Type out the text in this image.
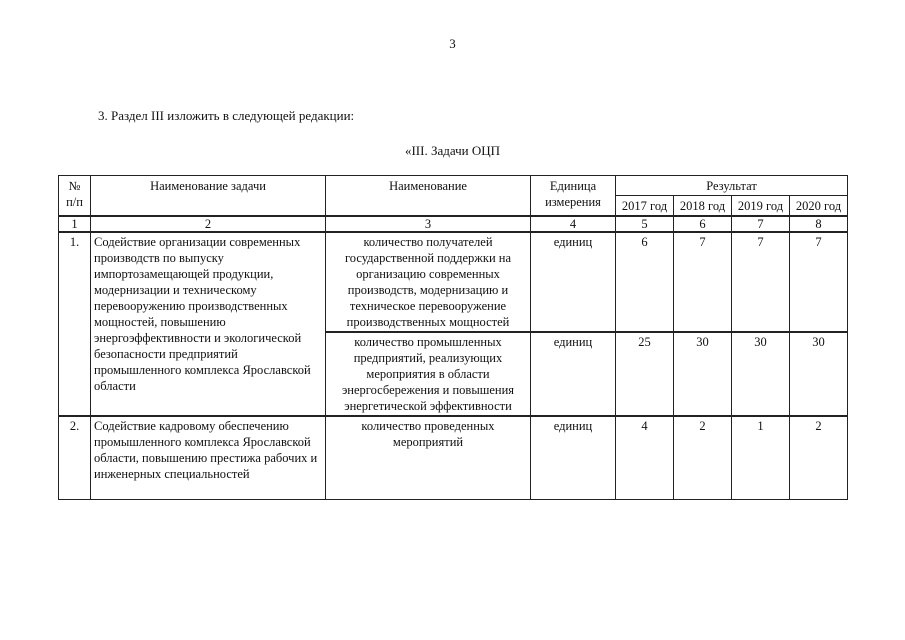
3
3. Раздел III изложить в следующей редакции:
«III. Задачи ОЦП
№ п/п	Наименование задачи	Наименование	Единица измерения	Результат			
				2017 год	2018 год	2019 год	2020 год
1	2	3	4	5	6	7	8
1.	Содействие организации современных производств по выпуску импортозамещающей продукции, модернизации и техническому перевооружению производственных мощностей, повышению энергоэффективности и экологической безопасности предприятий промышленного комплекса Ярославской области	количество получателей государственной поддержки на организацию современных производств, модернизацию и техническое перевооружение производственных мощностей	единиц	6	7	7	7
		количество промышленных предприятий, реализующих мероприятия в области энергосбережения и повышения энергетической эффективности	единиц	25	30	30	30
2.	Содействие кадровому обеспечению промышленного комплекса Ярославской области, повышению престижа рабочих и инженерных специальностей	количество проведенных мероприятий	единиц	4	2	1	2
